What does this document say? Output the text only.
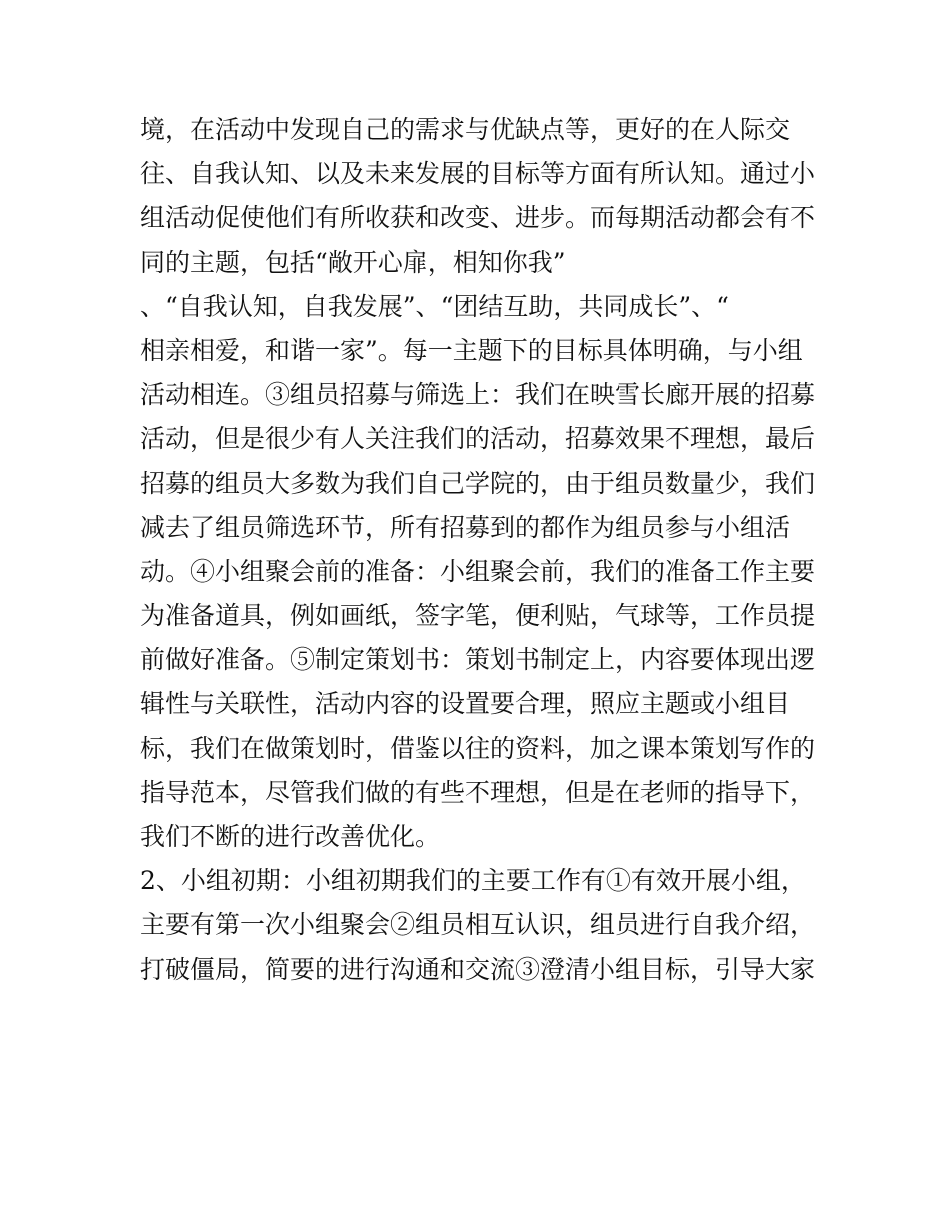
境，在活动中发现自己的需求与优缺点等，更好的在人际交
往、自我认知、以及未来发展的目标等方面有所认知。通过小
组活动促使他们有所收获和改变、进步。而每期活动都会有不
同的主题，包括“敞开心扉，相知你我”
、“自我认知，自我发展”、“团结互助，共同成长”、“
相亲相爱，和谐一家”。每一主题下的目标具体明确，与小组
活动相连。③组员招募与筛选上：我们在映雪长廊开展的招募
活动，但是很少有人关注我们的活动，招募效果不理想，最后
招募的组员大多数为我们自己学院的，由于组员数量少，我们
减去了组员筛选环节，所有招募到的都作为组员参与小组活
动。④小组聚会前的准备：小组聚会前，我们的准备工作主要
为准备道具，例如画纸，签字笔，便利贴，气球等，工作员提
前做好准备。⑤制定策划书：策划书制定上，内容要体现出逻
辑性与关联性，活动内容的设置要合理，照应主题或小组目
标，我们在做策划时，借鉴以往的资料，加之课本策划写作的
指导范本，尽管我们做的有些不理想，但是在老师的指导下，
我们不断的进行改善优化。
2、小组初期：小组初期我们的主要工作有①有效开展小组，
主要有第一次小组聚会②组员相互认识，组员进行自我介绍，
打破僵局，简要的进行沟通和交流③澄清小组目标，引导大家
